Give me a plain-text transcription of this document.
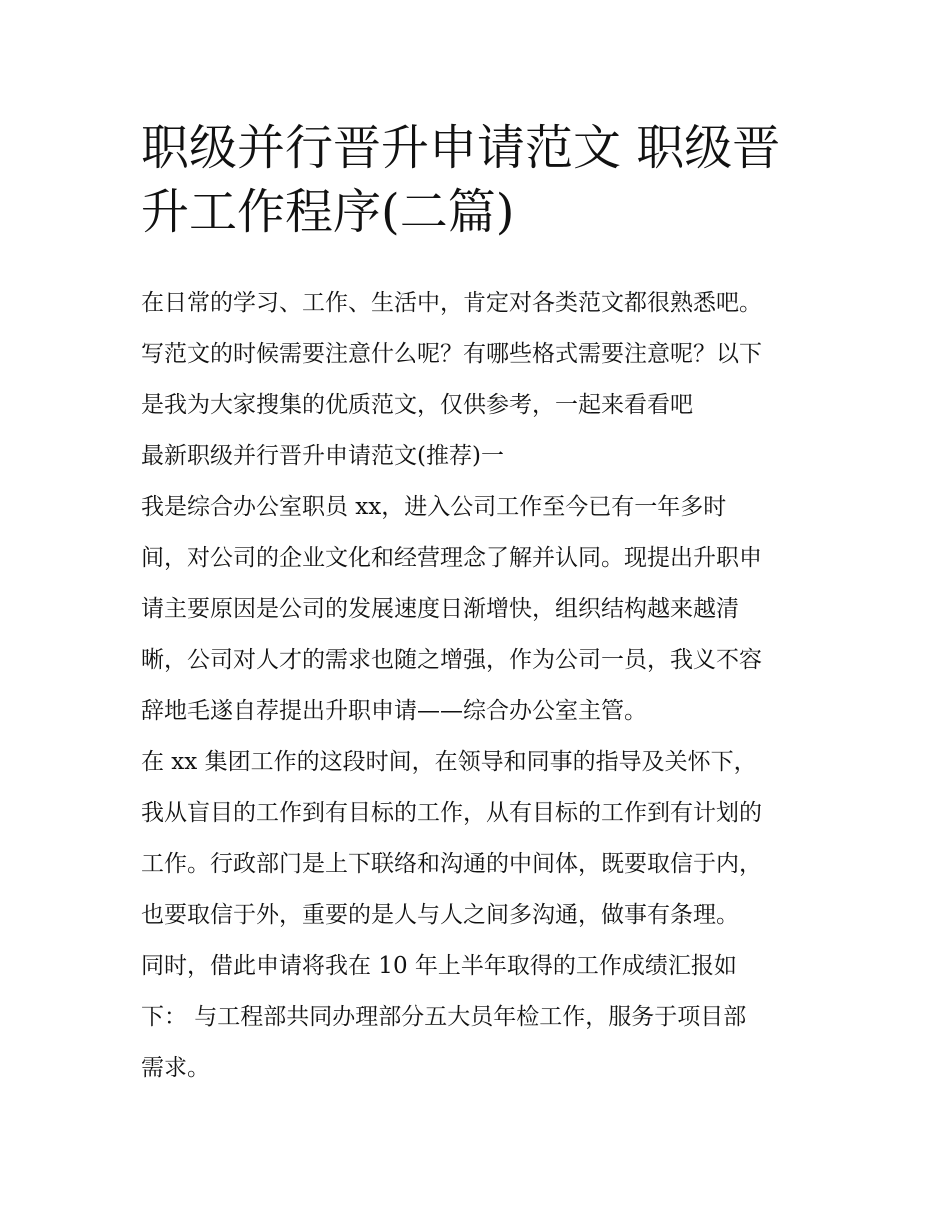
职级并行晋升申请范文 职级晋
升工作程序(二篇)
在日常的学习、工作、生活中，肯定对各类范文都很熟悉吧。
写范文的时候需要注意什么呢？有哪些格式需要注意呢？以下
是我为大家搜集的优质范文，仅供参考，一起来看看吧
最新职级并行晋升申请范文(推荐)一
我是综合办公室职员 xx，进入公司工作至今已有一年多时
间，对公司的企业文化和经营理念了解并认同。现提出升职申
请主要原因是公司的发展速度日渐增快，组织结构越来越清
晰，公司对人才的需求也随之增强，作为公司一员，我义不容
辞地毛遂自荐提出升职申请——综合办公室主管。
在 xx 集团工作的这段时间，在领导和同事的指导及关怀下，
我从盲目的工作到有目标的工作，从有目标的工作到有计划的
工作。行政部门是上下联络和沟通的中间体，既要取信于内，
也要取信于外，重要的是人与人之间多沟通，做事有条理。
同时，借此申请将我在 10 年上半年取得的工作成绩汇报如
下： 与工程部共同办理部分五大员年检工作，服务于项目部
需求。
